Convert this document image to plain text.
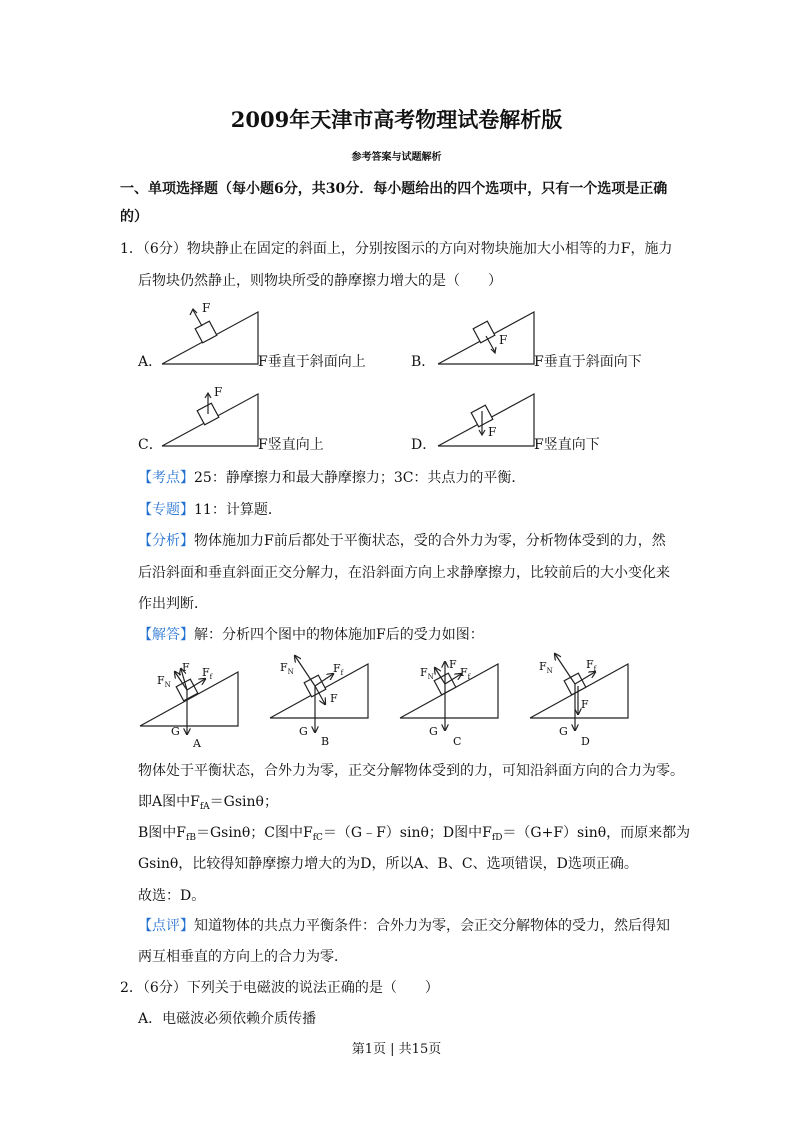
2009年天津市高考物理试卷解析版
参考答案与试题解析
一、单项选择题（每小题6分，共30分．每小题给出的四个选项中，只有一个选项是正确
的）
1．（6分）物块静止在固定的斜面上，分别按图示的方向对物块施加大小相等的力F，施力
后物块仍然静止，则物块所受的静摩擦力增大的是（　　）
F
F
F
F
A．	F垂直于斜面向上	B．	F垂直于斜面向下
C．	F竖直向上	D．	F竖直向下
【考点】25：静摩擦力和最大静摩擦力；3C：共点力的平衡．
【专题】11：计算题．
【分析】物体施加力F前后都处于平衡状态，受的合外力为零，分析物体受到的力，然
后沿斜面和垂直斜面正交分解力，在沿斜面方向上求静摩擦力，比较前后的大小变化来
作出判断．
【解答】解：分析四个图中的物体施加F后的受力如图：
$F_N$
F $F_f$
G
A
$F_N$	$F_f$
F
G
B
$F_N$
F
$F_f$
G
C
$F_N$	$F_f$
F
G
D
物体处于平衡状态，合外力为零，正交分解物体受到的力，可知沿斜面方向的合力为零。
即A图中$F_{fA}=Gsin\theta$；
B图中$F_{fB}=Gsin\theta$；C图中$F_{fC}=(G﹣F)\sin\theta$；D图中$F_{fD}=(G+F)\sin\theta$，而原来都为
Gsinθ，比较得知静摩擦力增大的为D，所以A、B、C、选项错误，D选项正确。
故选：D。
【点评】知道物体的共点力平衡条件：合外力为零，会正交分解物体的受力，然后得知
两互相垂直的方向上的合力为零．
2．（6分）下列关于电磁波的说法正确的是（　　）
A．电磁波必须依赖介质传播
第1页 | 共15页
